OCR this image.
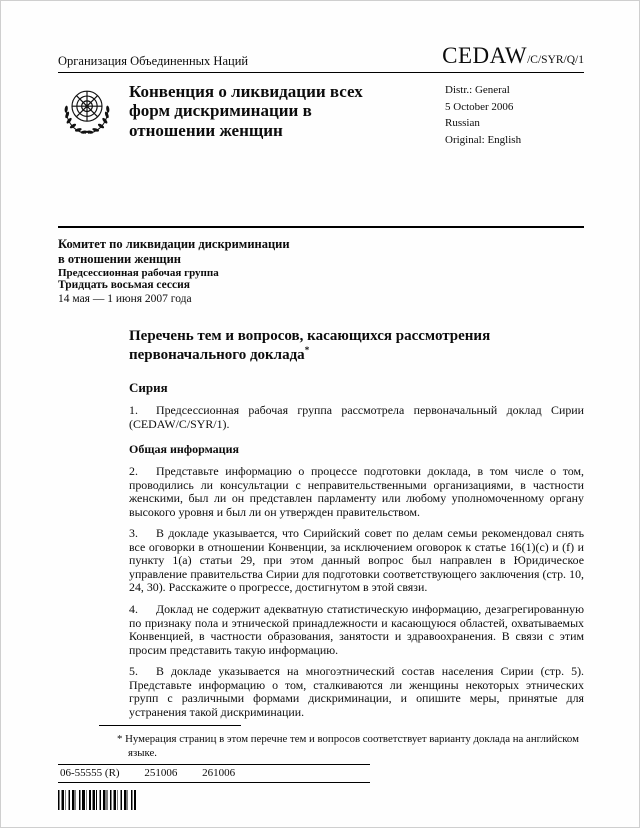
Организация Объединенных Наций	CEDAW/C/SYR/Q/1
Конвенция о ликвидации всех форм дискриминации в отношении женщин
Distr.: General
5 October 2006
Russian
Original: English
Комитет по ликвидации дискриминации
в отношении женщин
Предсессионная рабочая группа
Тридцать восьмая сессия
14 мая — 1 июня 2007 года
Перечень тем и вопросов, касающихся рассмотрения первоначального доклада*
Сирия

1. Предсессионная рабочая группа рассмотрела первоначальный доклад Сирии (CEDAW/C/SYR/1).

Общая информация

2. Представьте информацию о процессе подготовки доклада, в том числе о том, проводились ли консультации с неправительственными организациями, в частности женскими, был ли он представлен парламенту или любому уполномоченному органу высокого уровня и был ли он утвержден правительством.

3. В докладе указывается, что Сирийский совет по делам семьи рекомендовал снять все оговорки в отношении Конвенции, за исключением оговорок к статье 16(1)(c) и (f) и пункту 1(a) статьи 29, при этом данный вопрос был направлен в Юридическое управление правительства Сирии для подготовки соответствующего заключения (стр. 10, 24, 30). Расскажите о прогрессе, достигнутом в этой связи.

4. Доклад не содержит адекватную статистическую информацию, дезагрегированную по признаку пола и этнической принадлежности и касающуюся областей, охватываемых Конвенцией, в частности образования, занятости и здравоохранения. В связи с этим просим представить такую информацию.

5. В докладе указывается на многоэтнический состав населения Сирии (стр. 5). Представьте информацию о том, сталкиваются ли женщины некоторых этнических групп с различными формами дискриминации, и опишите меры, принятые для устранения такой дискриминации.

* Нумерация страниц в этом перечне тем и вопросов соответствует варианту доклада на английском языке.

06-55555 (R) 251006 261006
